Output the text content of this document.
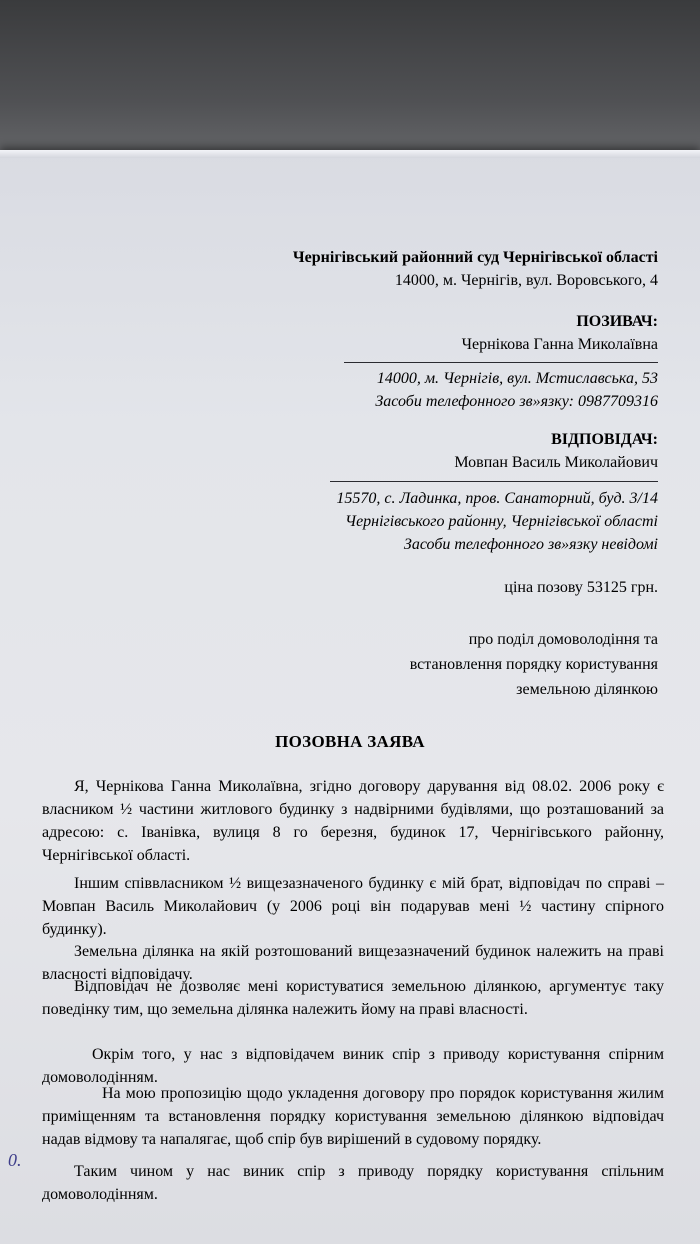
Чернігівський районний суд Чернігівської області
14000, м. Чернігів, вул. Воровського, 4
ПОЗИВАЧ:
Чернікова Ганна Миколаївна
14000, м. Чернігів, вул. Мстиславська, 53
Засоби телефонного зв»язку: 0987709316
ВІДПОВІДАЧ:
Мовпан Василь Миколайович
15570, с. Ладинка, пров. Санаторний, буд. 3/14
Чернігівського районну, Чернігівської області
Засоби телефонного зв»язку невідомі
ціна позову 53125 грн.
про поділ домоволодіння та
встановлення порядку користування
земельною ділянкою
ПОЗОВНА ЗАЯВА

Я, Чернікова Ганна Миколаївна, згідно договору дарування від 08.02. 2006 року є власником ½ частини житлового будинку з надвірними будівлями, що розташований за адресою: с. Іванівка, вулиця 8 го березня, будинок 17, Чернігівського районну, Чернігівської області.

Іншим співвласником ½ вищезазначеного будинку є мій брат, відповідач по справі – Мовпан Василь Миколайович (у 2006 році він подарував мені ½ частину спірного будинку).

Земельна ділянка на якій розтошований вищезазначений будинок належить на праві власності відповідачу.

Відповідач не дозволяє мені користуватися земельною ділянкою, аргументує таку поведінку тим, що земельна ділянка належить йому на праві власності.

Окрім того, у нас з відповідачем виник спір з приводу користування спірним домоволодінням.

На мою пропозицію щодо укладення договору про порядок користування жилим приміщенням та встановлення порядку користування земельною ділянкою відповідач надав відмову та напалягає, щоб спір був вирішений в судовому порядку.

Таким чином у нас виник спір з приводу порядку користування спільним домоволодінням.

0.
